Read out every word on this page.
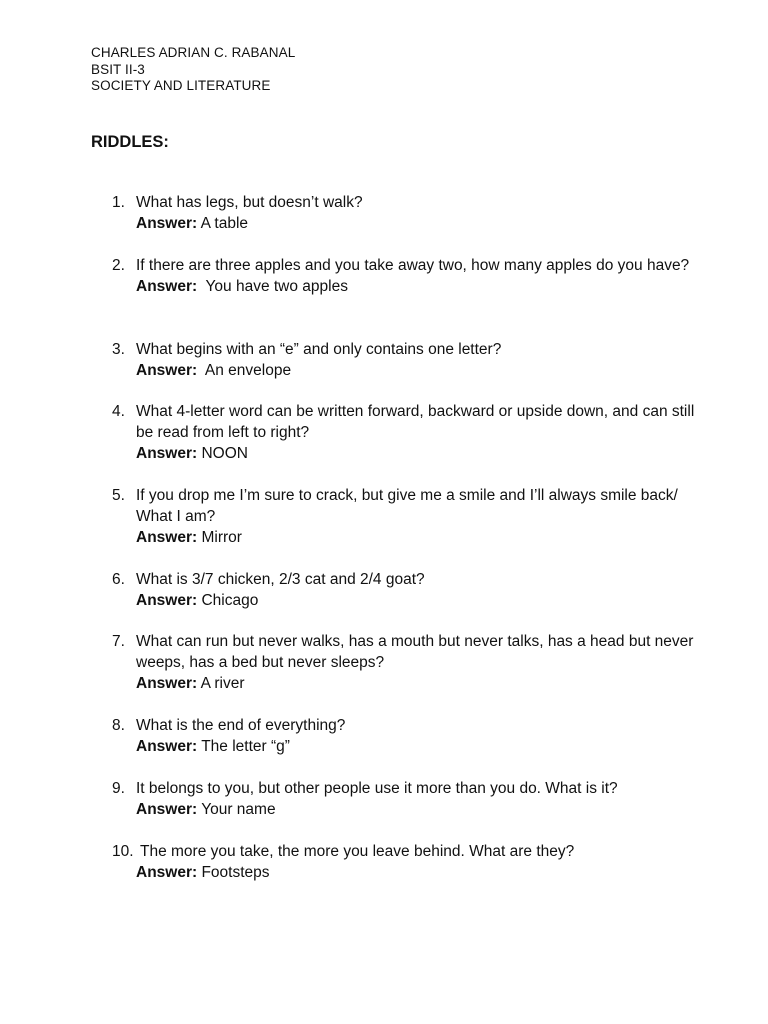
CHARLES ADRIAN C. RABANAL
BSIT II-3
SOCIETY AND LITERATURE
RIDDLES:
1. What has legs, but doesn’t walk?
Answer: A table
2. If there are three apples and you take away two, how many apples do you have?
Answer:  You have two apples
3. What begins with an “e” and only contains one letter?
Answer:  An envelope
4. What 4-letter word can be written forward, backward or upside down, and can still be read from left to right?
Answer: NOON
5. If you drop me I’m sure to crack, but give me a smile and I’ll always smile back/ What I am?
Answer: Mirror
6. What is 3/7 chicken, 2/3 cat and 2/4 goat?
Answer: Chicago
7. What can run but never walks, has a mouth but never talks, has a head but never weeps, has a bed but never sleeps?
Answer: A river
8. What is the end of everything?
Answer: The letter “g”
9. It belongs to you, but other people use it more than you do. What is it?
Answer: Your name
10. The more you take, the more you leave behind. What are they?
Answer: Footsteps
